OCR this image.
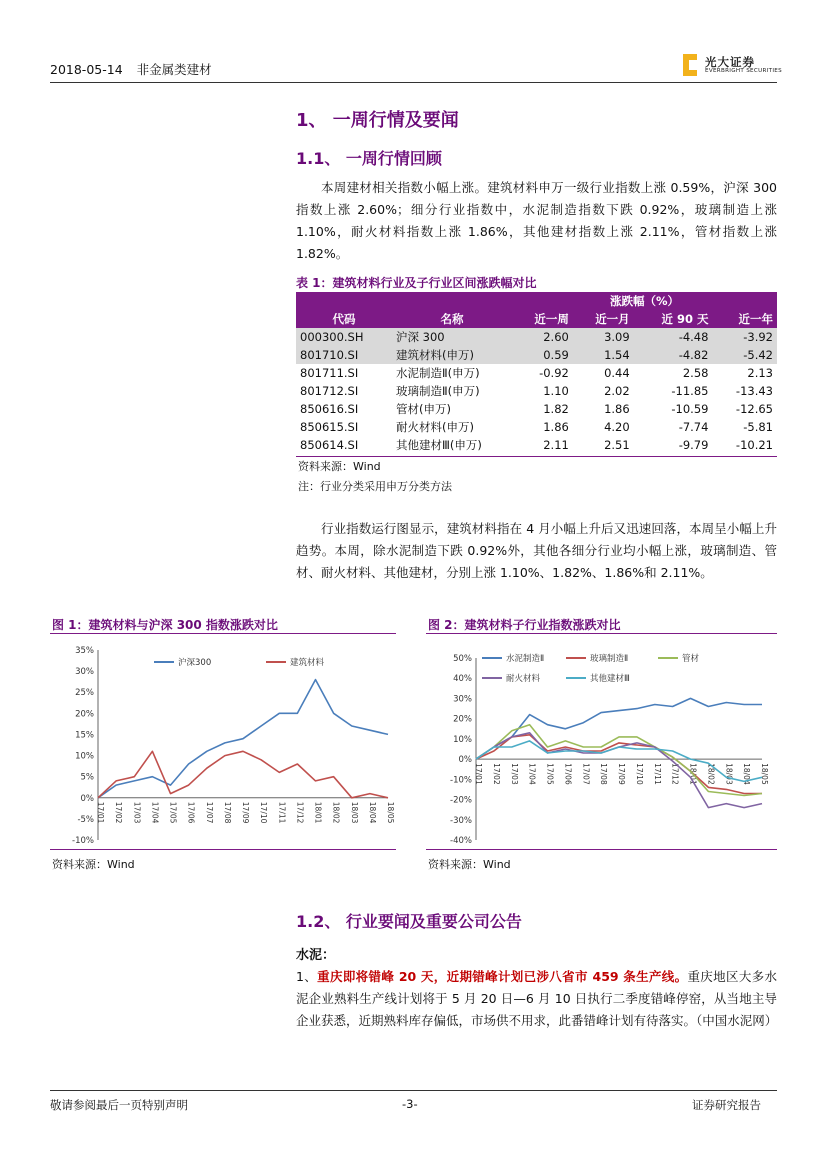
2018-05-14 非金属类建材	光大证券
EVERBRIGHT SECURITIES
1、 一周行情及要闻
1.1、 一周行情回顾
本周建材相关指数小幅上涨。建筑材料申万一级行业指数上涨 0.59%，沪深 300 指数上涨 2.60%；细分行业指数中，水泥制造指数下跌 0.92%，玻璃制造上涨 1.10%，耐火材料指数上涨 1.86%，其他建材指数上涨 2.11%，管材指数上涨 1.82%。
表 1：建筑材料行业及子行业区间涨跌幅对比
		涨跌幅（%）			
代码	名称	近一周	近一月	近 90 天	近一年
000300.SH	沪深 300	2.60	3.09	-4.48	-3.92
801710.SI	建筑材料(申万)	0.59	1.54	-4.82	-5.42
801711.SI	水泥制造Ⅱ(申万)	-0.92	0.44	2.58	2.13
801712.SI	玻璃制造Ⅱ(申万)	1.10	2.02	-11.85	-13.43
850616.SI	管材(申万)	1.82	1.86	-10.59	-12.65
850615.SI	耐火材料(申万)	1.86	4.20	-7.74	-5.81
850614.SI	其他建材Ⅲ(申万)	2.11	2.51	-9.79	-10.21
资料来源：Wind
注：行业分类采用申万分类方法
行业指数运行图显示，建筑材料指在 4 月小幅上升后又迅速回落，本周呈小幅上升趋势。本周，除水泥制造下跌 0.92%外，其他各细分行业均小幅上涨，玻璃制造、管材、耐火材料、其他建材，分别上涨 1.10%、1.82%、1.86%和 2.11%。
图 1：建筑材料与沪深 300 指数涨跌对比	图 2：建筑材料子行业指数涨跌对比
-10%
-5%
0%
5%
10%
15%
20%
25%
30%
35%
17/01 17/02 17/03 17/04 17/05 17/06 17/07 17/08 17/09 17/10 17/11 17/12 18/01 18/02 18/03 18/04 18/05
沪深300	建筑材料
-40%
-30%
-20%
-10%
0%
10%
20%
30%
40%
50%
17/01 17/02 17/03 17/04 17/05 17/06 17/07 17/08 17/09 17/10 17/11 17/12 18/01 18/02 18/03 18/04 18/05
水泥制造Ⅱ	玻璃制造Ⅱ	管材
耐火材料	其他建材Ⅲ
资料来源：Wind	资料来源：Wind
1.2、 行业要闻及重要公司公告
水泥：
1、重庆即将错峰 20 天，近期错峰计划已涉八省市 459 条生产线。重庆地区大多水泥企业熟料生产线计划将于 5 月 20 日—6 月 10 日执行二季度错峰停窑，从当地主导企业获悉，近期熟料库存偏低，市场供不用求，此番错峰计划有待落实。（中国水泥网）
敬请参阅最后一页特别声明	-3-	证券研究报告
